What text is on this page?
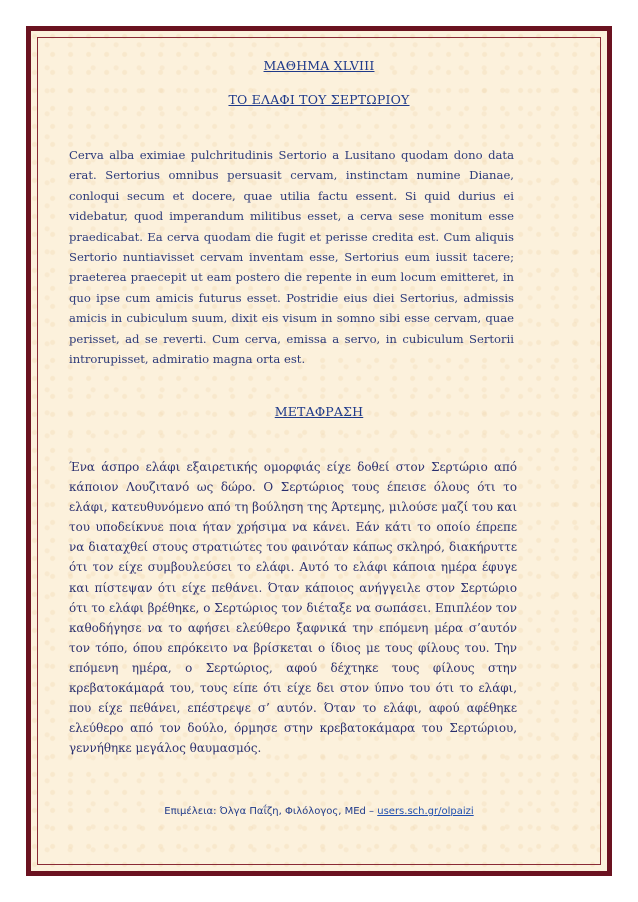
ΜΑΘΗΜΑ XLVIII
ΤΟ ΕΛΑΦΙ ΤΟΥ ΣΕΡΤΩΡΙΟΥ

Cerva alba eximiae pulchritudinis Sertorio a Lusitano quodam dono data erat. Sertorius omnibus persuasit cervam, instinctam numine Dianae, conloqui secum et docere, quae utilia factu essent. Si quid durius ei videbatur, quod imperandum militibus esset, a cerva sese monitum esse praedicabat. Ea cerva quodam die fugit et perisse credita est. Cum aliquis Sertorio nuntiavisset cervam inventam esse, Sertorius eum iussit tacere; praeterea praecepit ut eam postero die repente in eum locum emitteret, in quo ipse cum amicis futurus esset. Postridie eius diei Sertorius, admissis amicis in cubiculum suum, dixit eis visum in somno sibi esse cervam, quae perisset, ad se reverti. Cum cerva, emissa a servo, in cubiculum Sertorii introrupisset, admiratio magna orta est.

ΜΕΤΑΦΡΑΣΗ

Ένα άσπρο ελάφι εξαιρετικής ομορφιάς είχε δοθεί στον Σερτώριο από κάποιον Λουζιτανό ως δώρο. Ο Σερτώριος τους έπεισε όλους ότι το ελάφι, κατευθυνόμενο από τη βούληση της Άρτεμης, μιλούσε μαζί του και του υποδείκνυε ποια ήταν χρήσιμα να κάνει. Εάν κάτι το οποίο έπρεπε να διαταχθεί στους στρατιώτες του φαινόταν κάπως σκληρό, διακήρυττε ότι τον είχε συμβουλεύσει το ελάφι. Αυτό το ελάφι κάποια ημέρα έφυγε και πίστεψαν ότι είχε πεθάνει. Όταν κάποιος ανήγγειλε στον Σερτώριο ότι το ελάφι βρέθηκε, ο Σερτώριος τον διέταξε να σωπάσει. Επιπλέον τον καθοδήγησε να το αφήσει ελεύθερο ξαφνικά την επόμενη μέρα σ’αυτόν τον τόπο, όπου επρόκειτο να βρίσκεται ο ίδιος με τους φίλους του. Την επόμενη ημέρα, ο Σερτώριος, αφού δέχτηκε τους φίλους στην κρεβατοκάμαρά του, τους είπε ότι είχε δει στον ύπνο του ότι το ελάφι, που είχε πεθάνει, επέστρεψε σ’ αυτόν. Όταν το ελάφι, αφού αφέθηκε ελεύθερο από τον δούλο, όρμησε στην κρεβατοκάμαρα του Σερτώριου, γεννήθηκε μεγάλος θαυμασμός.

Επιμέλεια: Όλγα Παΐζη, Φιλόλογος, MEd – users.sch.gr/olpaizi
